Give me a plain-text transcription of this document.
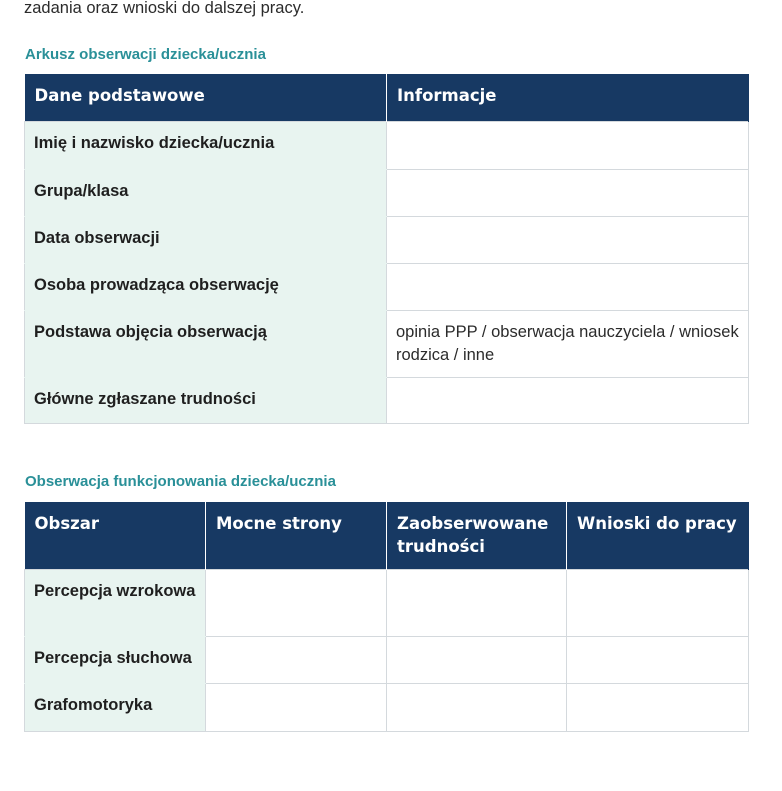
zadania oraz wnioski do dalszej pracy.

Arkusz obserwacji dziecka/ucznia
Dane podstawowe	Informacje
Imię i nazwisko dziecka/ucznia	
Grupa/klasa	
Data obserwacji	
Osoba prowadząca obserwację	
Podstawa objęcia obserwacją	opinia PPP / obserwacja nauczyciela / wniosek rodzica / inne
Główne zgłaszane trudności	
Obserwacja funkcjonowania dziecka/ucznia
Obszar	Mocne strony	Zaobserwowane trudności	Wnioski do pracy
Percepcja wzrokowa			
Percepcja słuchowa			
Grafomotoryka			
